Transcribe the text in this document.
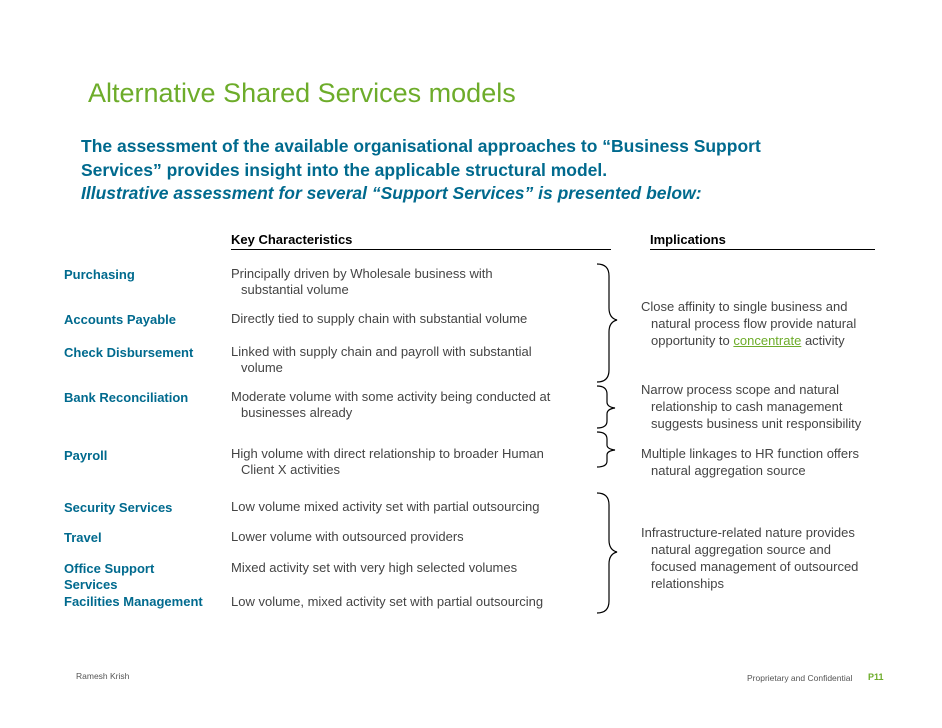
Alternative Shared Services models
The assessment of the available organisational approaches to “Business Support
Services” provides insight into the applicable structural model.
Illustrative assessment for several “Support Services” is presented below:
Key Characteristics	Implications
Purchasing
Accounts Payable
Check Disbursement
Bank Reconciliation
Payroll
Security Services
Travel
Office Support
Services
Facilities Management
Principally driven by Wholesale business with
substantial volume
Directly tied to supply chain with substantial volume
Linked with supply chain and payroll with substantial
volume
Moderate volume with some activity being conducted at
businesses already
High volume with direct relationship to broader Human
Client X activities
Low volume mixed activity set with partial outsourcing
Lower volume with outsourced providers
Mixed activity set with very high selected volumes
Low volume, mixed activity set with partial outsourcing
Close affinity to single business and
natural process flow provide natural
opportunity to concentrate activity
Narrow process scope and natural
relationship to cash management
suggests business unit responsibility
Multiple linkages to HR function offers
natural aggregation source
Infrastructure-related nature provides
natural aggregation source and
focused management of outsourced
relationships
Ramesh Krish	Proprietary and Confidential P11
